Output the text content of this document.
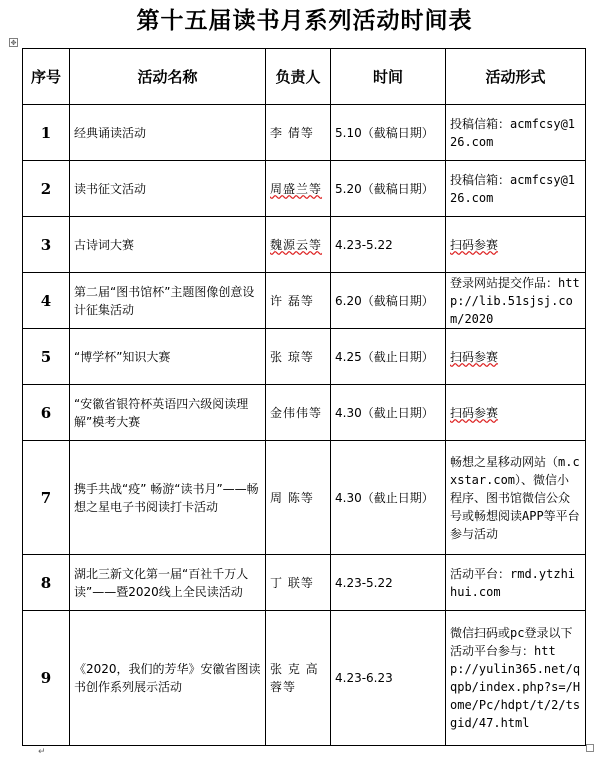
第十五届读书月系列活动时间表
✥
序号	活动名称	负责人	时间	活动形式
1	经典诵读活动	李 倩等	5.10（截稿日期）	投稿信箱：acmfcsy@126.com
2	读书征文活动	周盛兰等	5.20（截稿日期）	投稿信箱：acmfcsy@126.com
3	古诗词大赛	魏源云等	4.23-5.22	扫码参赛
4	第二届“图书馆杯”主题图像创意设计征集活动	许 磊等	6.20（截稿日期）	登录网站提交作品：http://lib.51sjsj.com/2020
5	“博学杯”知识大赛	张 琼等	4.25（截止日期）	扫码参赛
6	“安徽省银符杯英语四六级阅读理解”模考大赛	金伟伟等	4.30（截止日期）	扫码参赛
7	携手共战“疫” 畅游“读书月”——畅想之星电子书阅读打卡活动	周 陈等	4.30（截止日期）	畅想之星移动网站（m.cxstar.com）、微信小程序、图书馆微信公众号或畅想阅读APP等平台参与活动
8	湖北三新文化第一届“百社千万人读”——暨2020线上全民读活动	丁 联等	4.23-5.22	活动平台：rmd.ytzhihui.com
9	《2020，我们的芳华》安徽省图读书创作系列展示活动	张 克 高 蓉等	4.23-6.23	微信扫码或pc登录以下活动平台参与：http://yulin365.net/qqpb/index.php?s=/Home/Pc/hdpt/t/2/tsgid/47.html
↵
